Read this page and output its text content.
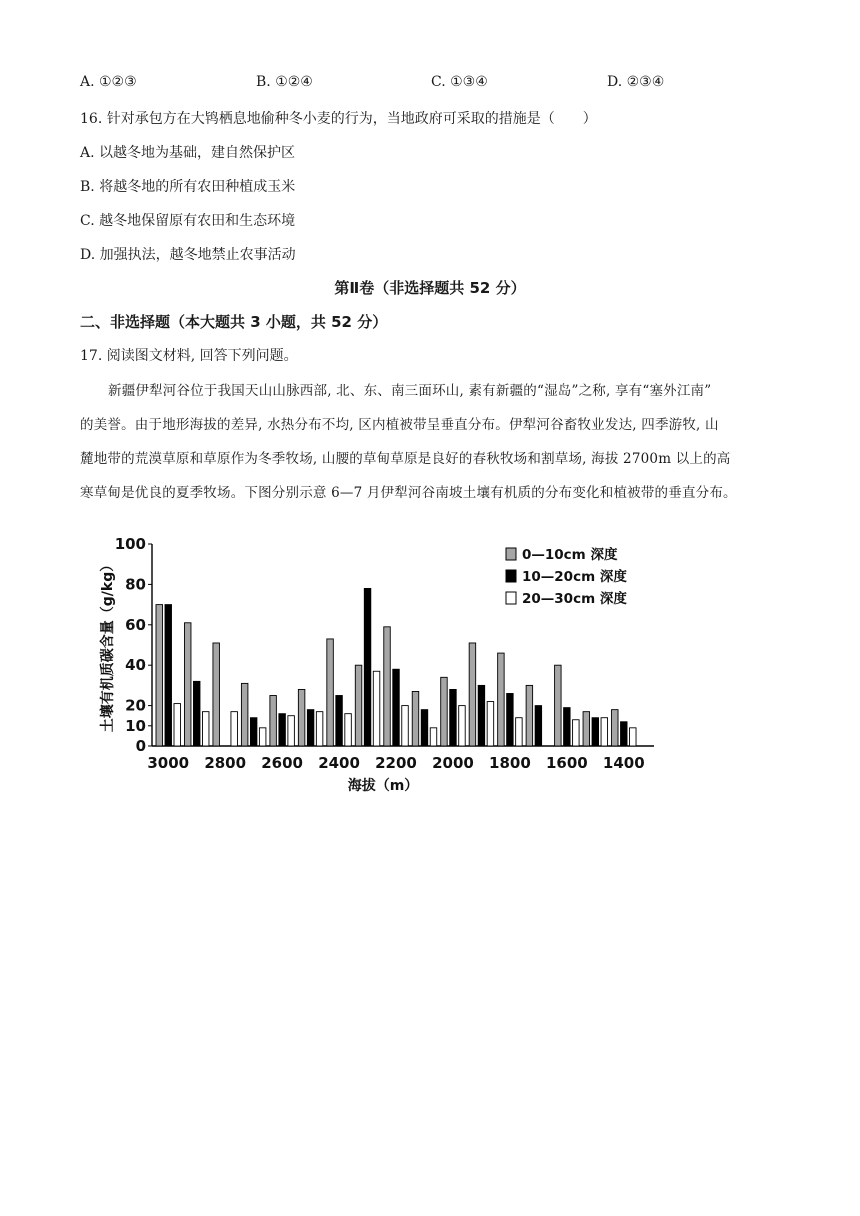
A. ①②③	B. ①②④	C. ①③④	D. ②③④
16. 针对承包方在大鸨栖息地偷种冬小麦的行为，当地政府可采取的措施是（　　）
A. 以越冬地为基础，建自然保护区
B. 将越冬地的所有农田种植成玉米
C. 越冬地保留原有农田和生态环境
D. 加强执法，越冬地禁止农事活动
第Ⅱ卷（非选择题共 52 分）
二、非选择题（本大题共 3 小题，共 52 分）
17. 阅读图文材料, 回答下列问题。
新疆伊犁河谷位于我国天山山脉西部, 北、东、南三面环山, 素有新疆的“湿岛”之称, 享有“塞外江南”
的美誉。由于地形海拔的差异, 水热分布不均, 区内植被带呈垂直分布。伊犁河谷畜牧业发达, 四季游牧, 山
麓地带的荒漠草原和草原作为冬季牧场, 山腰的草甸草原是良好的春秋牧场和割草场, 海拔 2700m 以上的高
寒草甸是优良的夏季牧场。下图分别示意 6—7 月伊犁河谷南坡土壤有机质的分布变化和植被带的垂直分布。
0
10
20
40
60
80
100
3000 2800 2600 2400 2200 2000 1800 1600 1400
海拔（m）
土壤有机质碳含量（g/kg）
0—10cm 深度
10—20cm 深度
20—30cm 深度
